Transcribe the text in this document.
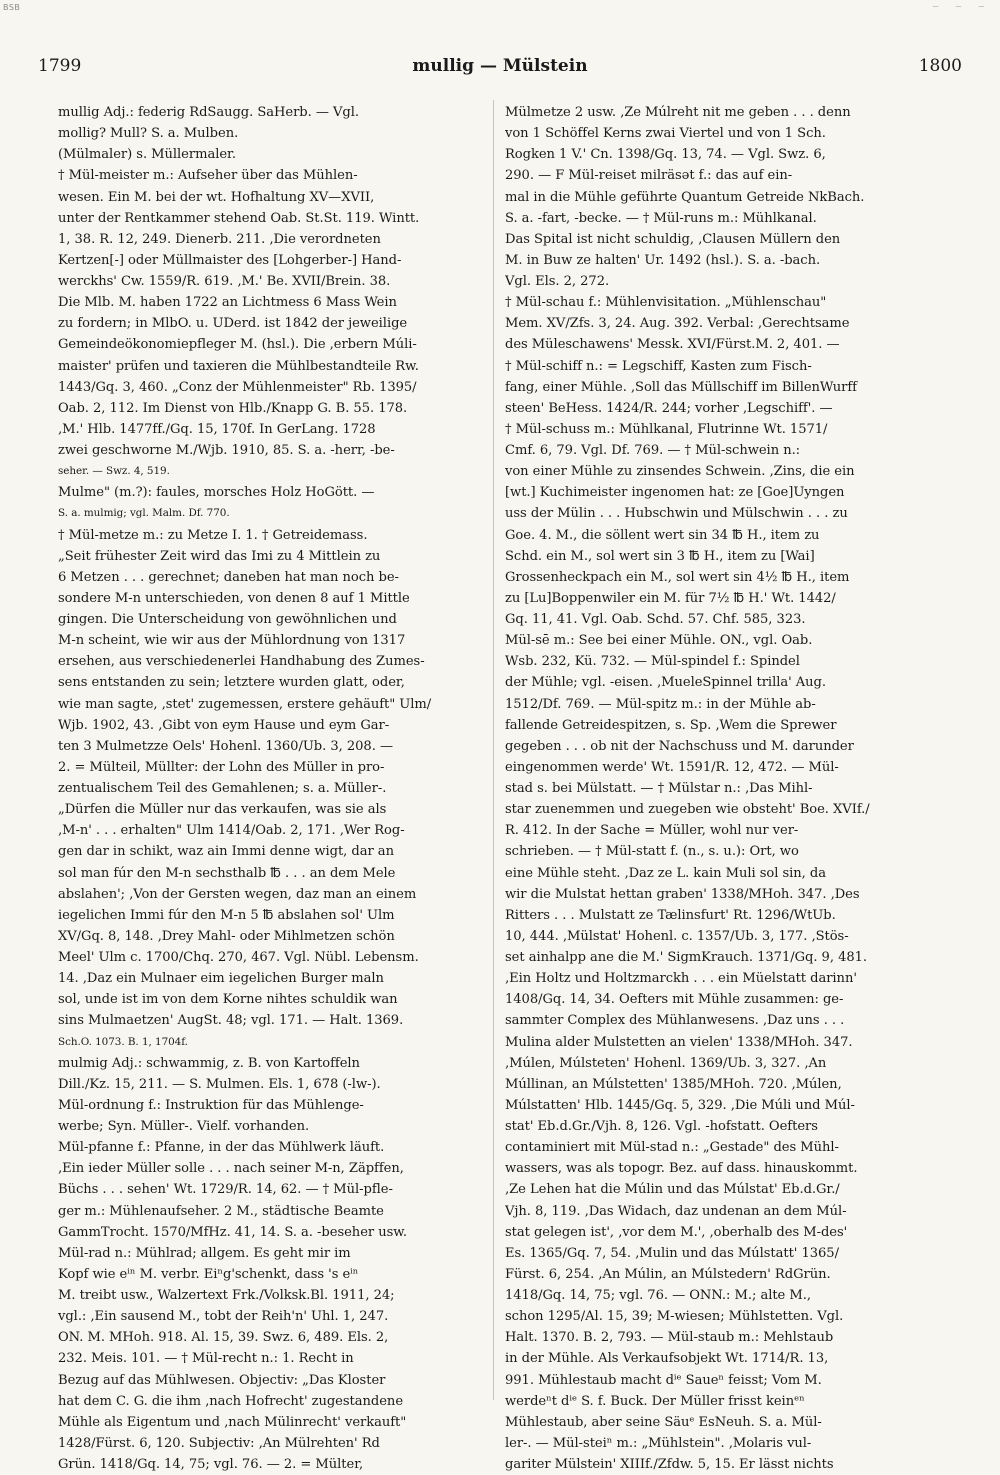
BSB	— — —
1799	mullig — Mülstein	1800
mullig Adj.: federig RdSaugg. SaHerb. — Vgl.
mollig? Mull? S. a. Mulben.
(Mülmaler) s. Müllermaler.
† Mül-meister m.: Aufseher über das Mühlen-
wesen. Ein M. bei der wt. Hofhaltung XV—XVII,
unter der Rentkammer stehend Oab. St.St. 119. Wintt.
1, 38. R. 12, 249. Dienerb. 211. ‚Die verordneten
Kertzen[-] oder Müllmaister des [Lohgerber-] Hand-
werckhs' Cw. 1559/R. 619. ‚M.' Be. XVII/Brein. 38.
Die Mlb. M. haben 1722 an Lichtmess 6 Mass Wein
zu fordern; in MlbO. u. UDerd. ist 1842 der jeweilige
Gemeindeökonomiepfleger M. (hsl.). Die ‚erbern Múli-
maister' prüfen und taxieren die Mühlbestandteile Rw.
1443/Gq. 3, 460. „Conz der Mühlenmeister" Rb. 1395/
Oab. 2, 112. Im Dienst von Hlb./Knapp G. B. 55. 178.
‚M.' Hlb. 1477ff./Gq. 15, 170f. In GerLang. 1728
zwei geschworne M./Wjb. 1910, 85. S. a. -herr, -be-
seher. — Swz. 4, 519.
Mulme" (m.?): faules, morsches Holz HoGött. —
S. a. mulmig; vgl. Malm. Df. 770.
† Mül-metze m.: zu Metze I. 1. † Getreidemass.
„Seit frühester Zeit wird das Imi zu 4 Mittlein zu
6 Metzen . . . gerechnet; daneben hat man noch be-
sondere M-n unterschieden, von denen 8 auf 1 Mittle
gingen. Die Unterscheidung von gewöhnlichen und
M-n scheint, wie wir aus der Mühlordnung von 1317
ersehen, aus verschiedenerlei Handhabung des Zumes-
sens entstanden zu sein; letztere wurden glatt, oder,
wie man sagte, ‚stet' zugemessen, erstere gehäuft" Ulm/
Wjb. 1902, 43. ‚Gibt von eym Hause und eym Gar-
ten 3 Mulmetzze Oels' Hohenl. 1360/Ub. 3, 208. —
2. = Mülteil, Müllter: der Lohn des Müller in pro-
zentualischem Teil des Gemahlenen; s. a. Müller-.
„Dürfen die Müller nur das verkaufen, was sie als
‚M-n' . . . erhalten" Ulm 1414/Oab. 2, 171. ‚Wer Rog-
gen dar in schikt, waz ain Immi denne wigt, dar an
sol man fúr den M-n sechsthalb ℔ . . . an dem Mele
abslahen'; ‚Von der Gersten wegen, daz man an einem
iegelichen Immi fúr den M-n 5 ℔ abslahen sol' Ulm
XV/Gq. 8, 148. ‚Drey Mahl- oder Mihlmetzen schön
Meel' Ulm c. 1700/Chq. 270, 467. Vgl. Nübl. Lebensm.
14. ‚Daz ein Mulnaer eim iegelichen Burger maln
sol, unde ist im von dem Korne nihtes schuldik wan
sins Mulmaetzen' AugSt. 48; vgl. 171. — Halt. 1369.
Sch.O. 1073. B. 1, 1704f.
mulmig Adj.: schwammig, z. B. von Kartoffeln
Dill./Kz. 15, 211. — S. Mulmen. Els. 1, 678 (-lw-).
Mül-ordnung f.: Instruktion für das Mühlenge-
werbe; Syn. Müller-. Vielf. vorhanden.
Mül-pfanne f.: Pfanne, in der das Mühlwerk läuft.
‚Ein ieder Müller solle . . . nach seiner M-n, Zäpffen,
Büchs . . . sehen' Wt. 1729/R. 14, 62. — † Mül-pfle-
ger m.: Mühlenaufseher. 2 M., städtische Beamte
GammTrocht. 1570/MfHz. 41, 14. S. a. -beseher usw.
Mül-rad n.: Mühlrad; allgem. Es geht mir im
Kopf wie eⁱⁿ M. verbr. Eiⁿg'schenkt, dass 's eⁱⁿ
M. treibt usw., Walzertext Frk./Volksk.Bl. 1911, 24;
vgl.: ‚Ein sausend M., tobt der Reih'n' Uhl. 1, 247.
ON. M. MHoh. 918. Al. 15, 39. Swz. 6, 489. Els. 2,
232. Meis. 101. — † Mül-recht n.: 1. Recht in
Bezug auf das Mühlwesen. Objectiv: „Das Kloster
hat dem C. G. die ihm ‚nach Hofrecht' zugestandene
Mühle als Eigentum und ‚nach Mülinrecht' verkauft"
1428/Fürst. 6, 120. Subjectiv: ‚An Mülrehten' Rd
Grün. 1418/Gq. 14, 75; vgl. 76. — 2. = Mülter,
Mülmetze 2 usw. ‚Ze Múlreht nit me geben . . . denn
von 1 Schöffel Kerns zwai Viertel und von 1 Sch.
Rogken 1 V.' Cn. 1398/Gq. 13, 74. — Vgl. Swz. 6,
290. — F Mül-reiset milräsət f.: das auf ein-
mal in die Mühle geführte Quantum Getreide NkBach.
S. a. -fart, -becke. — † Mül-runs m.: Mühlkanal.
Das Spital ist nicht schuldig, ‚Clausen Müllern den
M. in Buw ze halten' Ur. 1492 (hsl.). S. a. -bach.
Vgl. Els. 2, 272.
† Mül-schau f.: Mühlenvisitation. „Mühlenschau"
Mem. XV/Zfs. 3, 24. Aug. 392. Verbal: ‚Gerechtsame
des Müleschawens' Messk. XVI/Fürst.M. 2, 401. —
† Mül-schiff n.: = Legschiff, Kasten zum Fisch-
fang, einer Mühle. ‚Soll das Müllschiff im BillenWurff
steen' BeHess. 1424/R. 244; vorher ‚Legschiff'. —
† Mül-schuss m.: Mühlkanal, Flutrinne Wt. 1571/
Cmf. 6, 79. Vgl. Df. 769. — † Mül-schwein n.:
von einer Mühle zu zinsendes Schwein. ‚Zins, die ein
[wt.] Kuchimeister ingenomen hat: ze [Goe]Uyngen
uss der Mülin . . . Hubschwin und Mülschwin . . . zu
Goe. 4. M., die söllent wert sin 34 ℔ H., item zu
Schd. ein M., sol wert sin 3 ℔ H., item zu [Wai]
Grossenheckpach ein M., sol wert sin 4½ ℔ H., item
zu [Lu]Boppenwiler ein M. für 7½ ℔ H.' Wt. 1442/
Gq. 11, 41. Vgl. Oab. Schd. 57. Chf. 585, 323.
Mül-sē m.: See bei einer Mühle. ON., vgl. Oab.
Wsb. 232, Kü. 732. — Mül-spindel f.: Spindel
der Mühle; vgl. -eisen. ‚MueleSpinnel trilla' Aug.
1512/Df. 769. — Mül-spitz m.: in der Mühle ab-
fallende Getreidespitzen, s. Sp. ‚Wem die Sprewer
gegeben . . . ob nit der Nachschuss und M. darunder
eingenommen werde' Wt. 1591/R. 12, 472. — Mül-
stad s. bei Mülstatt. — † Mülstar n.: ‚Das Mihl-
star zuenemmen und zuegeben wie obsteht' Boe. XVIf./
R. 412. In der Sache = Müller, wohl nur ver-
schrieben. — † Mül-statt f. (n., s. u.): Ort, wo
eine Mühle steht. ‚Daz ze L. kain Muli sol sin, da
wir die Mulstat hettan graben' 1338/MHoh. 347. ‚Des
Ritters . . . Mulstatt ze Tælinsfurt' Rt. 1296/WtUb.
10, 444. ‚Mülstat' Hohenl. c. 1357/Ub. 3, 177. ‚Stös-
set ainhalpp ane die M.' SigmKrauch. 1371/Gq. 9, 481.
‚Ein Holtz und Holtzmarckh . . . ein Müelstatt darinn'
1408/Gq. 14, 34. Oefters mit Mühle zusammen: ge-
sammter Complex des Mühlanwesens. ‚Daz uns . . .
Mulina alder Mulstetten an vielen' 1338/MHoh. 347.
‚Múlen, Múlsteten' Hohenl. 1369/Ub. 3, 327. ‚An
Múllinan, an Múlstetten' 1385/MHoh. 720. ‚Múlen,
Múlstatten' Hlb. 1445/Gq. 5, 329. ‚Die Múli und Múl-
stat' Eb.d.Gr./Vjh. 8, 126. Vgl. -hofstatt. Oefters
contaminiert mit Mül-stad n.: „Gestade" des Mühl-
wassers, was als topogr. Bez. auf dass. hinauskommt.
‚Ze Lehen hat die Múlin und das Múlstat' Eb.d.Gr./
Vjh. 8, 119. ‚Das Widach, daz undenan an dem Múl-
stat gelegen ist', ‚vor dem M.', ‚oberhalb des M-des'
Es. 1365/Gq. 7, 54. ‚Mulin und das Múlstatt' 1365/
Fürst. 6, 254. ‚An Múlin, an Múlstedern' RdGrün.
1418/Gq. 14, 75; vgl. 76. — ONN.: M.; alte M.,
schon 1295/Al. 15, 39; M-wiesen; Mühlstetten. Vgl.
Halt. 1370. B. 2, 793. — Mül-staub m.: Mehlstaub
in der Mühle. Als Verkaufsobjekt Wt. 1714/R. 13,
991. Mühlestaub macht dⁱᵉ Saueⁿ feisst; Vom M.
werdeⁿt dⁱᵉ S. f. Buck. Der Müller frisst keinᵉⁿ
Mühlestaub, aber seine Säuᵉ EsNeuh. S. a. Mül-
ler-. — Mül-steiⁿ m.: „Mühlstein". ‚Molaris vul-
gariter Mülstein' XIIIf./Zfdw. 5, 15. Er lässt nichts
